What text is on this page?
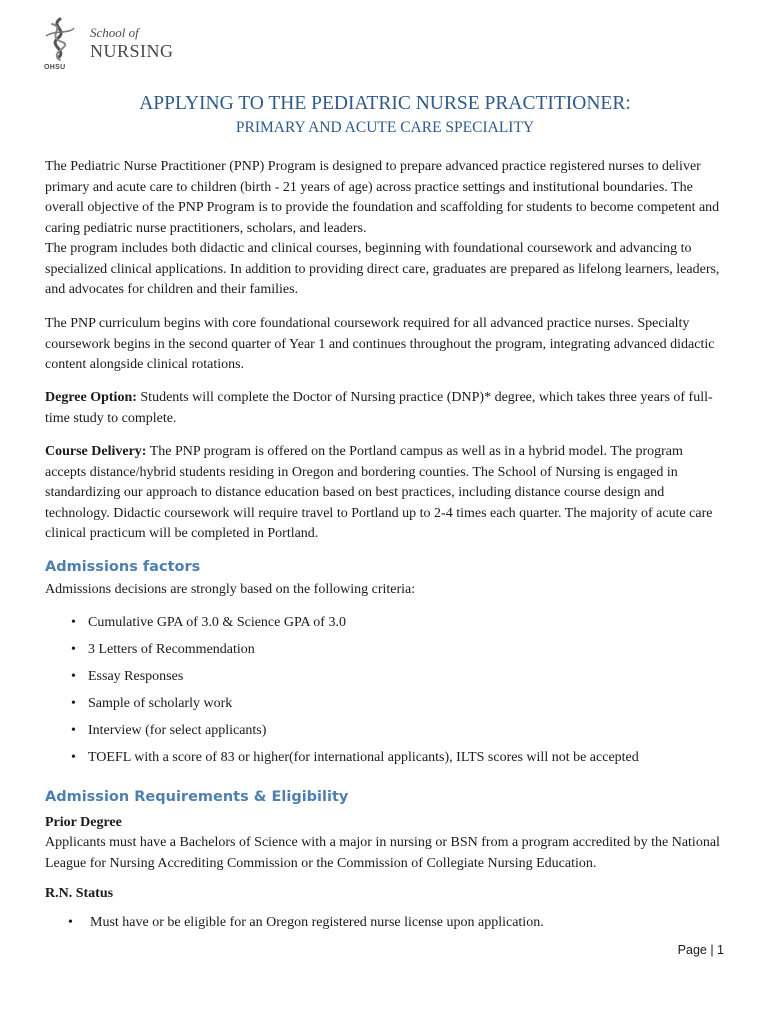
School of
NURSING
OHSU
APPLYING TO THE PEDIATRIC NURSE PRACTITIONER:
PRIMARY AND ACUTE CARE SPECIALITY

The Pediatric Nurse Practitioner (PNP) Program is designed to prepare advanced practice registered nurses to deliver primary and acute care to children (birth - 21 years of age) across practice settings and institutional boundaries. The overall objective of the PNP Program is to provide the foundation and scaffolding for students to become competent and caring pediatric nurse practitioners, scholars, and leaders.

The program includes both didactic and clinical courses, beginning with foundational coursework and advancing to specialized clinical applications. In addition to providing direct care, graduates are prepared as lifelong learners, leaders, and advocates for children and their families.

The PNP curriculum begins with core foundational coursework required for all advanced practice nurses. Specialty coursework begins in the second quarter of Year 1 and continues throughout the program, integrating advanced didactic content alongside clinical rotations.

Degree Option: Students will complete the Doctor of Nursing practice (DNP)* degree, which takes three years of full-time study to complete.

Course Delivery: The PNP program is offered on the Portland campus as well as in a hybrid model. The program accepts distance/hybrid students residing in Oregon and bordering counties. The School of Nursing is engaged in standardizing our approach to distance education based on best practices, including distance course design and technology. Didactic coursework will require travel to Portland up to 2-4 times each quarter. The majority of acute care clinical practicum will be completed in Portland.

Admissions factors

Admissions decisions are strongly based on the following criteria:

• Cumulative GPA of 3.0 & Science GPA of 3.0
• 3 Letters of Recommendation
• Essay Responses
• Sample of scholarly work
• Interview (for select applicants)
• TOEFL with a score of 83 or higher(for international applicants), ILTS scores will not be accepted
Admission Requirements & Eligibility
Prior Degree

Applicants must have a Bachelors of Science with a major in nursing or BSN from a program accredited by the National League for Nursing Accrediting Commission or the Commission of Collegiate Nursing Education.

R.N. Status
• Must have or be eligible for an Oregon registered nurse license upon application.
Page | 1
